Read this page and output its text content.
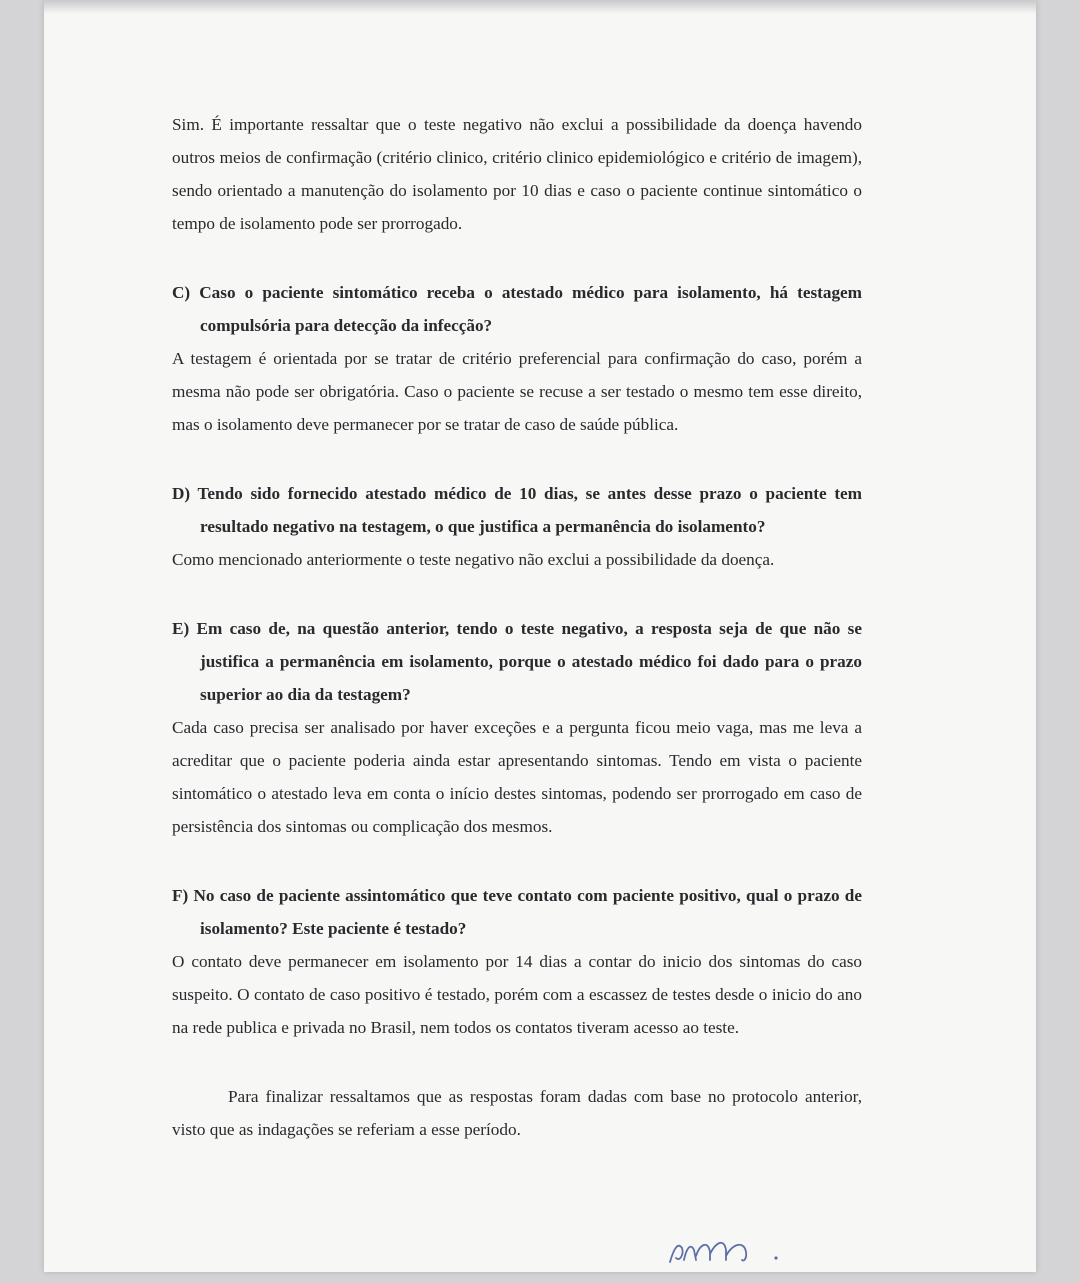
Sim. É importante ressaltar que o teste negativo não exclui a possibilidade da doença havendo outros meios de confirmação (critério clinico, critério clinico epidemiológico e critério de imagem), sendo orientado a manutenção do isolamento por 10 dias e caso o paciente continue sintomático o tempo de isolamento pode ser prorrogado.

C) Caso o paciente sintomático receba o atestado médico para isolamento, há testagem compulsória para detecção da infecção?

A testagem é orientada por se tratar de critério preferencial para confirmação do caso, porém a mesma não pode ser obrigatória. Caso o paciente se recuse a ser testado o mesmo tem esse direito, mas o isolamento deve permanecer por se tratar de caso de saúde pública.

D) Tendo sido fornecido atestado médico de 10 dias, se antes desse prazo o paciente tem resultado negativo na testagem, o que justifica a permanência do isolamento?

Como mencionado anteriormente o teste negativo não exclui a possibilidade da doença.

E) Em caso de, na questão anterior, tendo o teste negativo, a resposta seja de que não se justifica a permanência em isolamento, porque o atestado médico foi dado para o prazo superior ao dia da testagem?

Cada caso precisa ser analisado por haver exceções e a pergunta ficou meio vaga, mas me leva a acreditar que o paciente poderia ainda estar apresentando sintomas. Tendo em vista o paciente sintomático o atestado leva em conta o início destes sintomas, podendo ser prorrogado em caso de persistência dos sintomas ou complicação dos mesmos.

F) No caso de paciente assintomático que teve contato com paciente positivo, qual o prazo de isolamento? Este paciente é testado?

O contato deve permanecer em isolamento por 14 dias a contar do inicio dos sintomas do caso suspeito. O contato de caso positivo é testado, porém com a escassez de testes desde o inicio do ano na rede publica e privada no Brasil, nem todos os contatos tiveram acesso ao teste.

Para finalizar ressaltamos que as respostas foram dadas com base no protocolo anterior, visto que as indagações se referiam a esse período.
